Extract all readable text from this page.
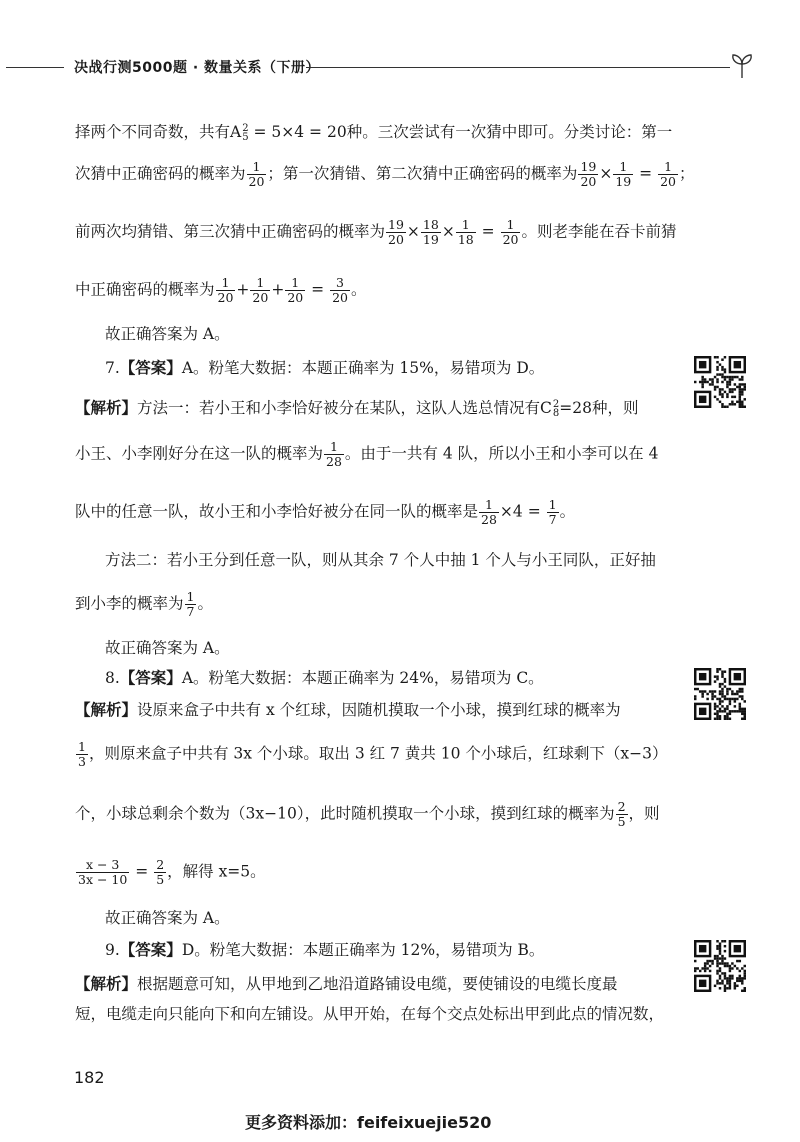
决战行测5000题 · 数量关系（下册）
择两个不同奇数，共有A 2
5 = 5×4 = 20种。三次尝试有一次猜中即可。分类讨论：第一
次猜中正确密码的概率为 $\frac{1}{20}$ ；第一次猜错、第二次猜中正确密码的概率为 $\frac{19}{20} \times \frac{1}{19} = \frac{1}{20}$ ；
前两次均猜错、第三次猜中正确密码的概率为 $\frac{19}{20} \times \frac{18}{19} \times \frac{1}{18} = \frac{1}{20}$ 。则老李能在吞卡前猜
中正确密码的概率为 $\frac{1}{20} + \frac{1}{20} + \frac{1}{20} = \frac{3}{20}$ 。
故正确答案为 A。
7.【答案】A。粉笔大数据：本题正确率为 15%，易错项为 D。
【解析】方法一：若小王和小李恰好被分在某队，这队人选总情况有C 2
8 =28种，则
小王、小李刚好分在这一队的概率为 $\frac{1}{28}$ 。由于一共有 4 队，所以小王和小李可以在 4
队中的任意一队，故小王和小李恰好被分在同一队的概率是 $\frac{1}{28} \times 4 = \frac{1}{7}$ 。
方法二：若小王分到任意一队，则从其余 7 个人中抽 1 个人与小王同队，正好抽
到小李的概率为 $\frac{1}{7}$ 。
故正确答案为 A。
8.【答案】A。粉笔大数据：本题正确率为 24%，易错项为 C。
【解析】设原来盒子中共有 x 个红球，因随机摸取一个小球，摸到红球的概率为
$\frac{1}{3}$ ，则原来盒子中共有 3x 个小球。取出 3 红 7 黄共 10 个小球后，红球剩下（x−3）
个，小球总剩余个数为（3x−10），此时随机摸取一个小球，摸到红球的概率为 $\frac{2}{5}$ ，则
$\frac{x - 3}{3x - 10} = \frac{2}{5}$ ，解得 x=5。
故正确答案为 A。
9.【答案】D。粉笔大数据：本题正确率为 12%，易错项为 B。
【解析】根据题意可知，从甲地到乙地沿道路铺设电缆，要使铺设的电缆长度最
短，电缆走向只能向下和向左铺设。从甲开始，在每个交点处标出甲到此点的情况数，
182
更多资料添加：feifeixuejie520
